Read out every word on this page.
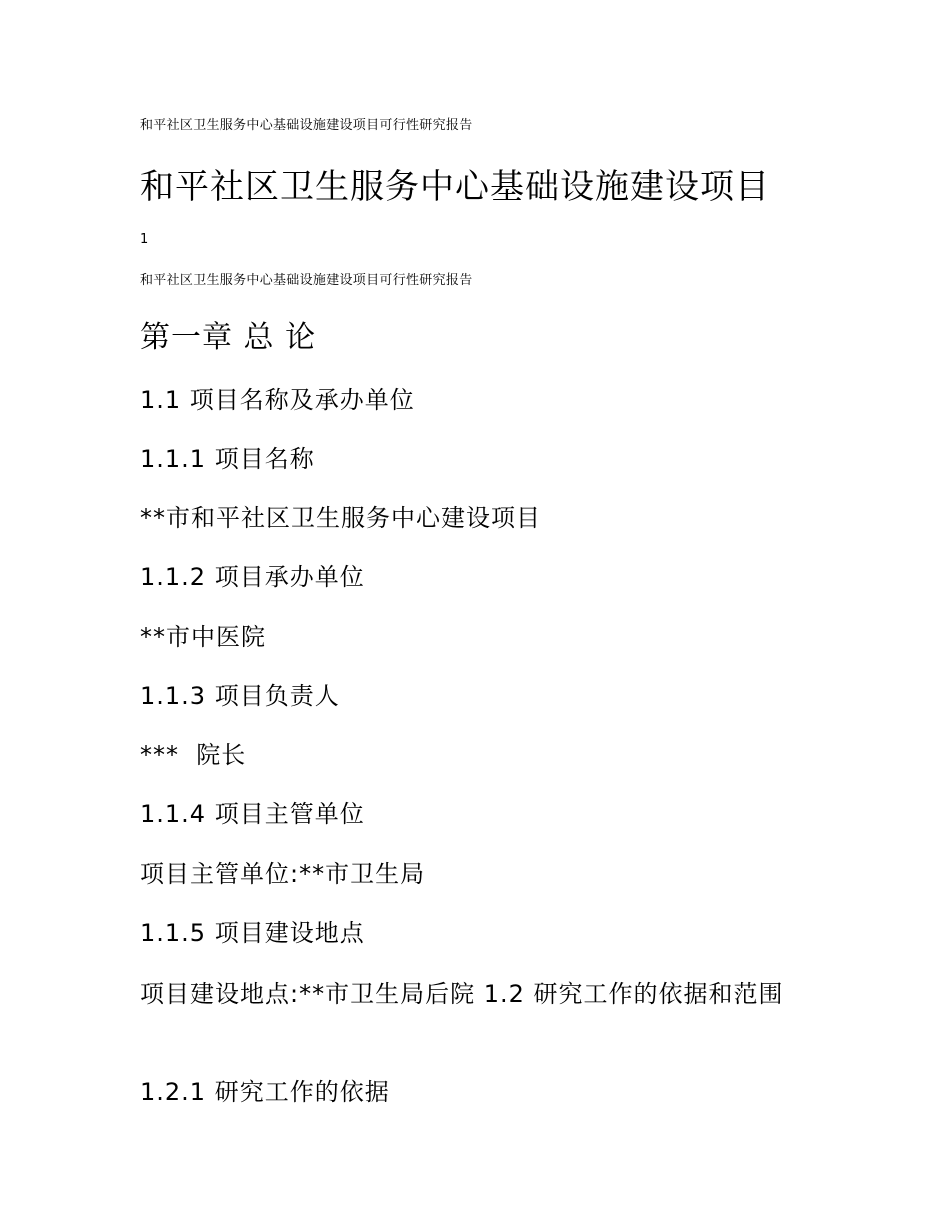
和平社区卫生服务中心基础设施建设项目可行性研究报告

和平社区卫生服务中心基础设施建设项目

1

和平社区卫生服务中心基础设施建设项目可行性研究报告

第一章 总 论

1.1 项目名称及承办单位

1.1.1 项目名称

**市和平社区卫生服务中心建设项目

1.1.2 项目承办单位

**市中医院

1.1.3 项目负责人

***  院长

1.1.4 项目主管单位

项目主管单位:**市卫生局

1.1.5 项目建设地点

项目建设地点:**市卫生局后院 1.2 研究工作的依据和范围

1.2.1 研究工作的依据
